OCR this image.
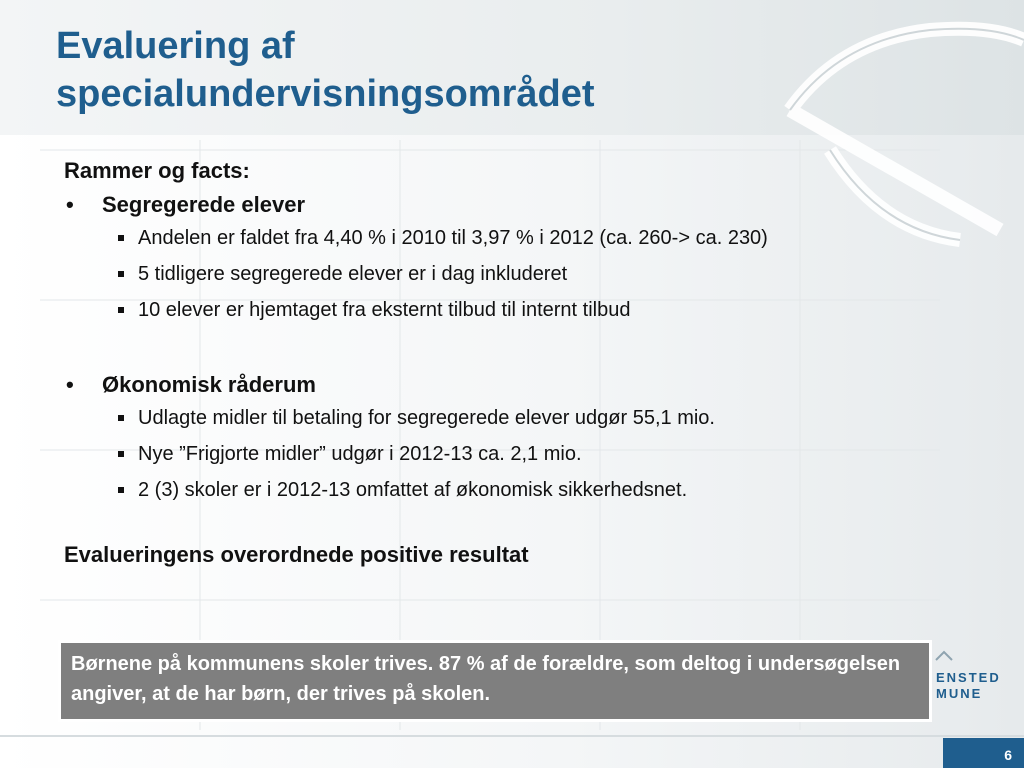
Evaluering af
specialundervisningsområdet
Rammer og facts:
•	Segregerede elever
Andelen er faldet fra 4,40 % i 2010 til 3,97 % i 2012 (ca. 260-> ca. 230)
5 tidligere segregerede elever er i dag inkluderet
10 elever er hjemtaget fra eksternt tilbud til internt tilbud
•	Økonomisk råderum
Udlagte midler til betaling for segregerede elever udgør 55,1 mio.
Nye ”Frigjorte midler” udgør i 2012-13 ca. 2,1 mio.
2 (3) skoler er i 2012-13 omfattet af økonomisk sikkerhedsnet.
Evalueringens overordnede positive resultat
Børnene på kommunens skoler trives. 87 % af de forældre, som deltog i undersøgelsen angiver, at de har børn, der trives på skolen.
ENSTED
MUNE
6
